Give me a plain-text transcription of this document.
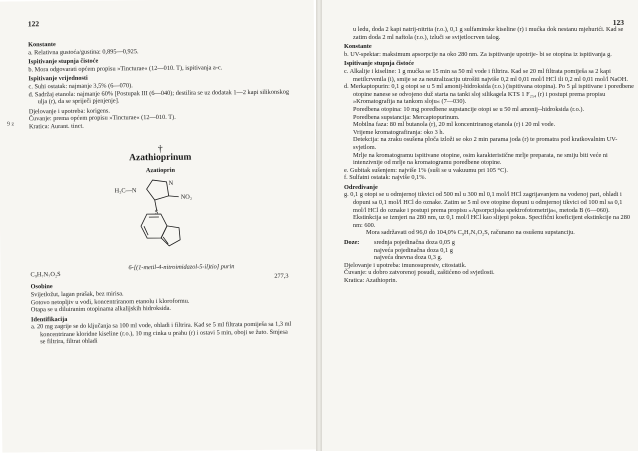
122
9 z
Konstante
a. Relativna gustoća/gustina: 0,895—0,925.
Ispitivanje stupnja čistoće
b. Mora odgovarati općem propisu »Tincturae« (12—010. T), ispitivanja a-c.
Ispitivanje vrijednosti
c. Suhi ostatak: najmanje 3,5% (6—070).
d. Sadržaj etanola: najmanje 60% [Postupak III (6—040); destilira se uz dodatak 1—2 kapi silikonskog ulja (r), da se spriječi pjenjenje].
Djelovanje i upotreba: korigens.
Čuvanje: prema općem propisu »Tincturae« (12—010. T).
Kratica: Aurant. tinct.
†
Azathioprinum
Azatioprin
H₃C—N
NO₂
N
S
C₉H₇N₇O₂S
6-[(1-metil-4-nitroimidazol-5-il)tio] purin
277,3
Osobine
Svijetložut, lagan prašak, bez mirisa.
Gotovo netopljiv u vodi, koncentriranom etanolu i kloroformu.
Otapa se u diluiranim otopinama alkalijskih hidroksida.
Identifikacija
a. 20 mg zagrije se do ključanja sa 100 ml vode, ohladi i filtrira. Kad se 5 ml filtrata pomiješa sa 1,3 ml koncentrirane kloridne kiseline (r.o.), 10 mg cinka u prahu (r) i ostavi 5 min, oboji se žuto. Smjesa se filtrira, filtrat ohladi
123
u ledu, doda 2 kapi natrij-nitrita (r.o.), 0,1 g sulfaminske kiseline (r) i mućka dok nestanu mjehurići. Kad se zatim doda 2 ml naftola (r.o.), izluči se svijetlocrven talog.
Konstante
b. UV-spektar: maksimum apsorpcije na oko 280 nm. Za ispitivanje upotrije- bi se otopina iz ispitivanja g.
Ispitivanje stupnja čistoće
c. Alkalije i kiseline: 1 g mućka se 15 min sa 50 ml vode i filtrira. Kad se 20 ml filtrata pomiješa sa 2 kapi metilcrvenila (i), smije se za neutralizaciju utrošiti najviše 0,2 ml 0,01 mol/l HCl ili 0,2 ml 0,01 mol/l NaOH.
d. Merkaptopurin: 0,1 g otopi se u 5 ml amonij-hidroksida (r.o.) (ispitivana otopina). Po 5 µl ispitivane i poredbene otopine nanese se odvojeno duž starta na tanki sloj silikagela KTS 1 F₂₅₄ (r) i postupi prema propisu »Kromatografija na tankom sloju« (7—030).
Poredbena otopina: 10 mg poredbene supstancije otopi se u 50 ml amonij--hidroksida (r.o.).
Poredbena supstancija: Mercaptopurinum.
Mobilna faza: 80 ml butanola (r), 20 ml koncentriranog etanola (r) i 20 ml vode.
Vrijeme kromatografiranja: oko 3 h.
Detekcija: na zraku osušena ploča izloži se oko 2 min parama joda (r) te promatra pod kratkovalnim UV-svjetlom.
Mrlje na kromatogramu ispitivane otopine, osim karakteristične mrlje preparata, ne smiju biti veće ni intenzivnije od mrlje na kromatogramu poredbene otopine.
e. Gubitak sušenjem: najviše 1% (suši se u vakuumu pri 105 °C).
f. Sulfatni ostatak: najviše 0,1%.
Određivanje
g. 0,1 g otopi se u odmjernoj tikvici od 500 ml u 300 ml 0,1 mol/l HCl zagrijavanjem na vodenoj pari, ohladi i dopuni sa 0,1 mol/l HCl do oznake. Zatim se 5 ml ove otopine dopuni u odmjernoj tikvici od 100 ml sa 0,1 mol/l HCl do oznake i postupi prema propisu »Apsorpcijska spektrofotometrija«, metoda B (6—060).
Ekstinkcija se izmjeri na 280 nm, uz 0,1 mol/l HCl kao slijepi pokus. Specifični koeficijent ekstinkcije na 280 nm: 600.
Mora sadržavati od 96,0 do 104,0% C₉H₇N₇O₂S, računano na osušenu supstanciju.
Doze:	srednja pojedinačna doza 0,05 g
najveća pojedinačna doza 0,1 g
najveća dnevna doza 0,3 g.
Djelovanje i upotreba: imunosupresiv, citostatik.
Čuvanje: u dobro zatvorenoj posudi, zaštićeno od svjetlosti.
Kratica: Azathioprin.
